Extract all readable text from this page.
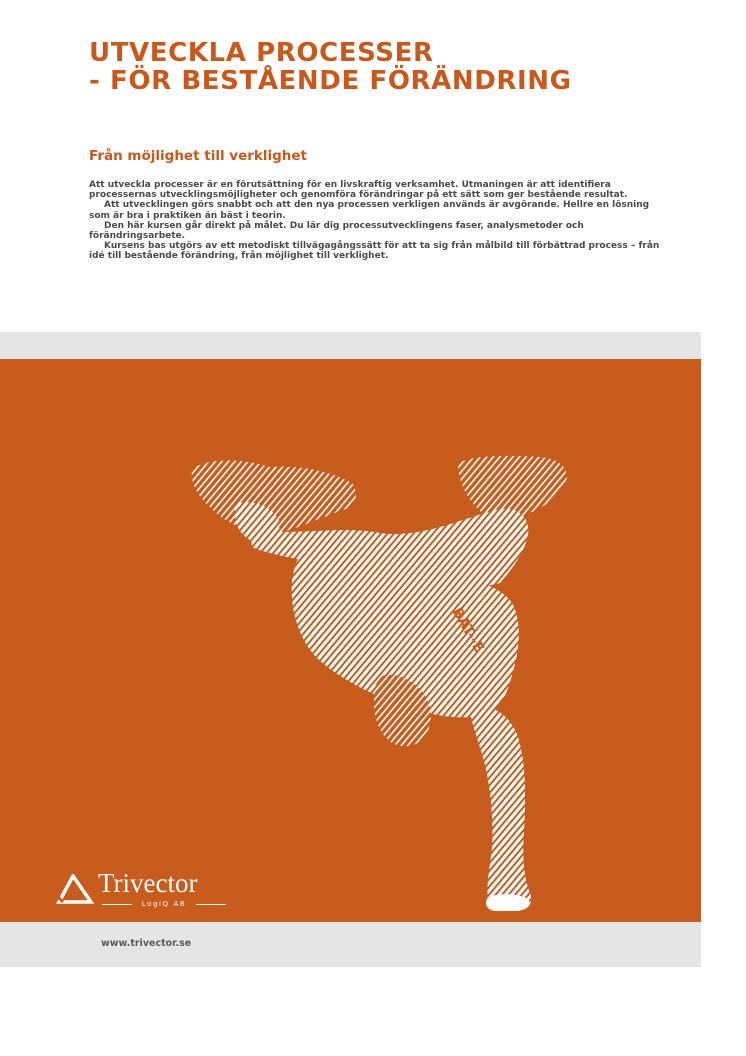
UTVECKLA PROCESSER
- FÖR BESTÅENDE FÖRÄNDRING
Från möjlighet till verklighet

Att utveckla processer är en förutsättning för en livskraftig verksamhet. Utmaningen är att identifiera processernas utvecklingsmöjligheter och genomföra förändringar på ett sätt som ger bestående resultat.

Att utvecklingen görs snabbt och att den nya processen verkligen används är avgörande. Hellre en lösning som är bra i praktiken än bäst i teorin.

Den här kursen går direkt på målet. Du lär dig processutvecklingens faser, analysmetoder och förändringsarbete.

Kursens bas utgörs av ett metodiskt tillvägagångssätt för att ta sig från målbild till förbättrad process – från idé till bestående förändring, från möjlighet till verklighet.

BAT--E
Trivector
LogiQ AB
www.trivector.se
